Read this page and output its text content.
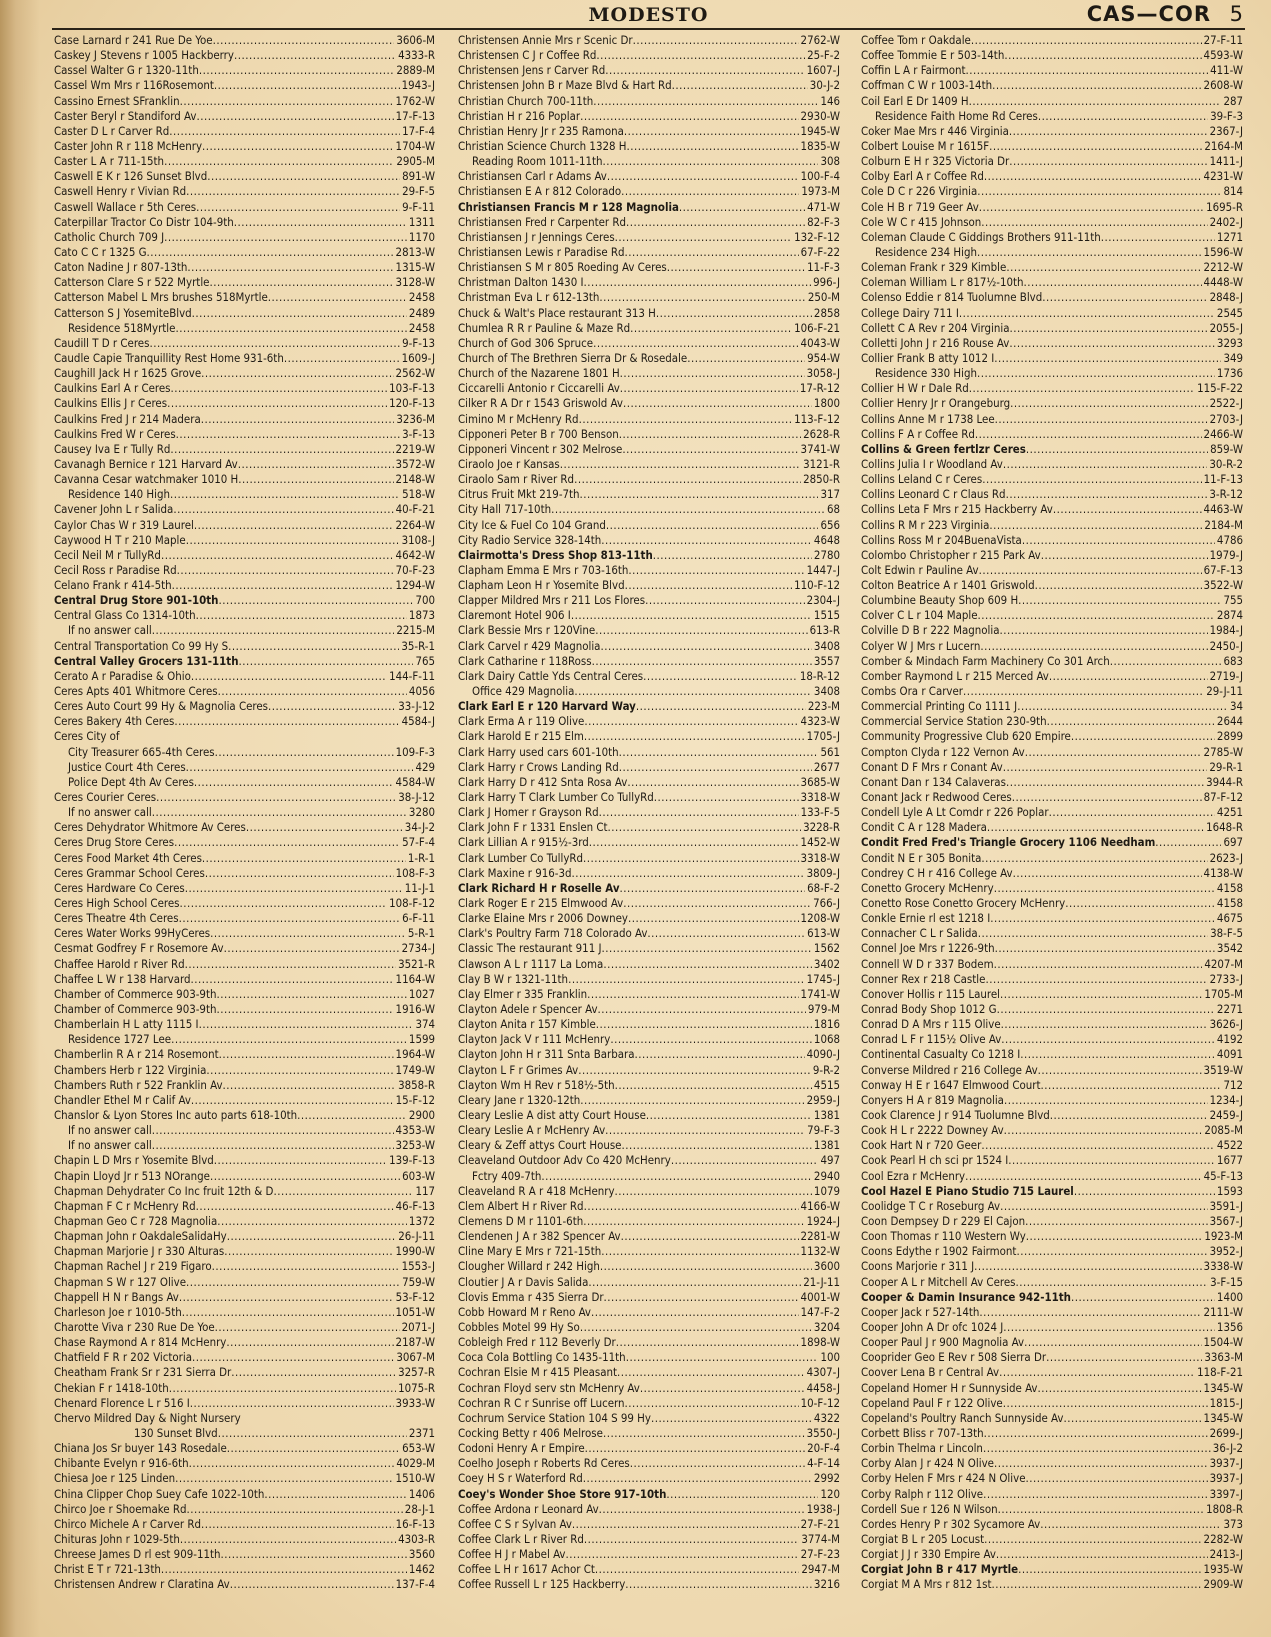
MODESTO	CAS—COR 5
Case Larnard r 241 Rue De Yoe .....	3606-M
Caskey J Stevens r 1005 Hackberry .....	4333-R
Cassel Walter G r 1320-11th .....	2889-M
Cassel Wm Mrs r 116Rosemont .....	1943-J
Cassino Ernest SFranklin .....	1762-W
Caster Beryl r Standiford Av .....	17-F-13
Caster D L r Carver Rd .....	17-F-4
Caster John R r 118 McHenry .....	1704-W
Caster L A r 711-15th .....	2905-M
Caswell E K r 126 Sunset Blvd .....	891-W
Caswell Henry r Vivian Rd .....	29-F-5
Caswell Wallace r 5th Ceres .....	9-F-11
Caterpillar Tractor Co Distr 104-9th .....	1311
Catholic Church 709 J .....	1170
Cato C C r 1325 G .....	2813-W
Caton Nadine J r 807-13th .....	1315-W
Catterson Clare S r 522 Myrtle .....	3128-W
Catterson Mabel L Mrs brushes 518Myrtle .....	2458
Catterson S J YosemiteBlvd .....	2489
Residence 518Myrtle .....	2458
Caudill T D r Ceres .....	9-F-13
Caudle Capie Tranquillity Rest Home 931-6th .....	1609-J
Caughill Jack H r 1625 Grove .....	2562-W
Caulkins Earl A r Ceres .....	103-F-13
Caulkins Ellis J r Ceres .....	120-F-13
Caulkins Fred J r 214 Madera .....	3236-M
Caulkins Fred W r Ceres .....	3-F-13
Causey Iva E r Tully Rd .....	2219-W
Cavanagh Bernice r 121 Harvard Av .....	3572-W
Cavanna Cesar watchmaker 1010 H .....	2148-W
Residence 140 High .....	518-W
Cavener John L r Salida .....	40-F-21
Caylor Chas W r 319 Laurel .....	2264-W
Caywood H T r 210 Maple .....	3108-J
Cecil Neil M r TullyRd .....	4642-W
Cecil Ross r Paradise Rd .....	70-F-23
Celano Frank r 414-5th .....	1294-W
Central Drug Store 901-10th .....	700
Central Glass Co 1314-10th .....	1873
If no answer call .....	2215-M
Central Transportation Co 99 Hy S .....	35-R-1
Central Valley Grocers 131-11th .....	765
Cerato A r Paradise & Ohio .....	144-F-11
Ceres Apts 401 Whitmore Ceres .....	4056
Ceres Auto Court 99 Hy & Magnolia Ceres .....	33-J-12
Ceres Bakery 4th Ceres .....	4584-J
Ceres City of
City Treasurer 665-4th Ceres .....	109-F-3
Justice Court 4th Ceres .....	429
Police Dept 4th Av Ceres .....	4584-W
Ceres Courier Ceres .....	38-J-12
If no answer call .....	3280
Ceres Dehydrator Whitmore Av Ceres .....	34-J-2
Ceres Drug Store Ceres .....	57-F-4
Ceres Food Market 4th Ceres .....	1-R-1
Ceres Grammar School Ceres .....	108-F-3
Ceres Hardware Co Ceres .....	11-J-1
Ceres High School Ceres .....	108-F-12
Ceres Theatre 4th Ceres .....	6-F-11
Ceres Water Works 99HyCeres .....	5-R-1
Cesmat Godfrey F r Rosemore Av .....	2734-J
Chaffee Harold r River Rd .....	3521-R
Chaffee L W r 138 Harvard .....	1164-W
Chamber of Commerce 903-9th .....	1027
Chamber of Commerce 903-9th .....	1916-W
Chamberlain H L atty 1115 I .....	374
Residence 1727 Lee .....	1599
Chamberlin R A r 214 Rosemont .....	1964-W
Chambers Herb r 122 Virginia .....	1749-W
Chambers Ruth r 522 Franklin Av .....	3858-R
Chandler Ethel M r Calif Av .....	15-F-12
Chanslor & Lyon Stores Inc auto parts 618-10th .....	2900
If no answer call .....	4353-W
If no answer call .....	3253-W
Chapin L D Mrs r Yosemite Blvd .....	139-F-13
Chapin Lloyd Jr r 513 NOrange .....	603-W
Chapman Dehydrater Co Inc fruit 12th & D .....	117
Chapman F C r McHenry Rd .....	46-F-13
Chapman Geo C r 728 Magnolia .....	1372
Chapman John r OakdaleSalidaHy .....	26-J-11
Chapman Marjorie J r 330 Alturas .....	1990-W
Chapman Rachel J r 219 Figaro .....	1553-J
Chapman S W r 127 Olive .....	759-W
Chappell H N r Bangs Av .....	53-F-12
Charleson Joe r 1010-5th .....	1051-W
Charotte Viva r 230 Rue De Yoe .....	2071-J
Chase Raymond A r 814 McHenry .....	2187-W
Chatfield F R r 202 Victoria .....	3067-M
Cheatham Frank Sr r 231 Sierra Dr .....	3257-R
Chekian F r 1418-10th .....	1075-R
Chenard Florence L r 516 I .....	3933-W
Chervo Mildred Day & Night Nursery
130 Sunset Blvd .....	2371
Chiana Jos Sr buyer 143 Rosedale .....	653-W
Chibante Evelyn r 916-6th .....	4029-M
Chiesa Joe r 125 Linden .....	1510-W
China Clipper Chop Suey Cafe 1022-10th .....	1406
Chirco Joe r Shoemake Rd .....	28-J-1
Chirco Michele A r Carver Rd .....	16-F-13
Chituras John r 1029-5th .....	4303-R
Chreese James D rl est 909-11th .....	3560
Christ E T r 721-13th .....	1462
Christensen Andrew r Claratina Av .....	137-F-4
Christensen Annie Mrs r Scenic Dr .....	2762-W
Christensen C J r Coffee Rd .....	25-F-2
Christensen Jens r Carver Rd .....	1607-J
Christensen John B r Maze Blvd & Hart Rd .....	30-J-2
Christian Church 700-11th .....	146
Christian H r 216 Poplar .....	2930-W
Christian Henry Jr r 235 Ramona .....	1945-W
Christian Science Church 1328 H .....	1835-W
Reading Room 1011-11th .....	308
Christiansen Carl r Adams Av .....	100-F-4
Christiansen E A r 812 Colorado .....	1973-M
Christiansen Francis M r 128 Magnolia .....	471-W
Christiansen Fred r Carpenter Rd .....	82-F-3
Christiansen J r Jennings Ceres .....	132-F-12
Christiansen Lewis r Paradise Rd .....	67-F-22
Christiansen S M r 805 Roeding Av Ceres .....	11-F-3
Christman Dalton 1430 I .....	996-J
Christman Eva L r 612-13th .....	250-M
Chuck & Walt's Place restaurant 313 H .....	2858
Chumlea R R r Pauline & Maze Rd .....	106-F-21
Church of God 306 Spruce .....	4043-W
Church of The Brethren Sierra Dr & Rosedale .....	954-W
Church of the Nazarene 1801 H .....	3058-J
Ciccarelli Antonio r Ciccarelli Av .....	17-R-12
Cilker R A Dr r 1543 Griswold Av .....	1800
Cimino M r McHenry Rd .....	113-F-12
Cipponeri Peter B r 700 Benson .....	2628-R
Cipponeri Vincent r 302 Melrose .....	3741-W
Ciraolo Joe r Kansas .....	3121-R
Ciraolo Sam r River Rd .....	2850-R
Citrus Fruit Mkt 219-7th .....	317
City Hall 717-10th .....	68
City Ice & Fuel Co 104 Grand .....	656
City Radio Service 328-14th .....	4648
Clairmotta's Dress Shop 813-11th .....	2780
Clapham Emma E Mrs r 703-16th .....	1447-J
Clapham Leon H r Yosemite Blvd .....	110-F-12
Clapper Mildred Mrs r 211 Los Flores .....	2304-J
Claremont Hotel 906 I .....	1515
Clark Bessie Mrs r 120Vine .....	613-R
Clark Carvel r 429 Magnolia .....	3408
Clark Catharine r 118Ross .....	3557
Clark Dairy Cattle Yds Central Ceres .....	18-R-12
Office 429 Magnolia .....	3408
Clark Earl E r 120 Harvard Way .....	223-M
Clark Erma A r 119 Olive .....	4323-W
Clark Harold E r 215 Elm .....	1705-J
Clark Harry used cars 601-10th .....	561
Clark Harry r Crows Landing Rd .....	2677
Clark Harry D r 412 Snta Rosa Av .....	3685-W
Clark Harry T Clark Lumber Co TullyRd .....	3318-W
Clark J Homer r Grayson Rd .....	133-F-5
Clark John F r 1331 Enslen Ct .....	3228-R
Clark Lillian A r 915½-3rd .....	1452-W
Clark Lumber Co TullyRd .....	3318-W
Clark Maxine r 916-3d .....	3809-J
Clark Richard H r Roselle Av .....	68-F-2
Clark Roger E r 215 Elmwood Av .....	766-J
Clarke Elaine Mrs r 2006 Downey .....	1208-W
Clark's Poultry Farm 718 Colorado Av .....	613-W
Classic The restaurant 911 J .....	1562
Clawson A L r 1117 La Loma .....	3402
Clay B W r 1321-11th .....	1745-J
Clay Elmer r 335 Franklin .....	1741-W
Clayton Adele r Spencer Av .....	979-M
Clayton Anita r 157 Kimble .....	1816
Clayton Jack V r 111 McHenry .....	1068
Clayton John H r 311 Snta Barbara .....	4090-J
Clayton L F r Grimes Av .....	9-R-2
Clayton Wm H Rev r 518½-5th .....	4515
Cleary Jane r 1320-12th .....	2959-J
Cleary Leslie A dist atty Court House .....	1381
Cleary Leslie A r McHenry Av .....	79-F-3
Cleary & Zeff attys Court House .....	1381
Cleaveland Outdoor Adv Co 420 McHenry .....	497
Fctry 409-7th .....	2940
Cleaveland R A r 418 McHenry .....	1079
Clem Albert H r River Rd .....	4166-W
Clemens D M r 1101-6th .....	1924-J
Clendenen J A r 382 Spencer Av .....	2281-W
Cline Mary E Mrs r 721-15th .....	1132-W
Clougher Willard r 242 High .....	3600
Cloutier J A r Davis Salida .....	21-J-11
Clovis Emma r 435 Sierra Dr .....	4001-W
Cobb Howard M r Reno Av .....	147-F-2
Cobbles Motel 99 Hy So .....	3204
Cobleigh Fred r 112 Beverly Dr .....	1898-W
Coca Cola Bottling Co 1435-11th .....	100
Cochran Elsie M r 415 Pleasant .....	4307-J
Cochran Floyd serv stn McHenry Av .....	4458-J
Cochran R C r Sunrise off Lucern .....	10-F-12
Cochrum Service Station 104 S 99 Hy .....	4322
Cocking Betty r 406 Melrose .....	3550-J
Codoni Henry A r Empire .....	20-F-4
Coelho Joseph r Roberts Rd Ceres .....	4-F-14
Coey H S r Waterford Rd .....	2992
Coey's Wonder Shoe Store 917-10th .....	120
Coffee Ardona r Leonard Av .....	1938-J
Coffee C S r Sylvan Av .....	27-F-21
Coffee Clark L r River Rd .....	3774-M
Coffee H J r Mabel Av .....	27-F-23
Coffee L H r 1617 Achor Ct .....	2947-M
Coffee Russell L r 125 Hackberry .....	3216
Coffee Tom r Oakdale .....	27-F-11
Coffee Tommie E r 503-14th .....	4593-W
Coffin L A r Fairmont .....	411-W
Coffman C W r 1003-14th .....	2608-W
Coil Earl E Dr 1409 H .....	287
Residence Faith Home Rd Ceres .....	39-F-3
Coker Mae Mrs r 446 Virginia .....	2367-J
Colbert Louise M r 1615F .....	2164-M
Colburn E H r 325 Victoria Dr .....	1411-J
Colby Earl A r Coffee Rd .....	4231-W
Cole D C r 226 Virginia .....	814
Cole H B r 719 Geer Av .....	1695-R
Cole W C r 415 Johnson .....	2402-J
Coleman Claude C Giddings Brothers 911-11th .....	1271
Residence 234 High .....	1596-W
Coleman Frank r 329 Kimble .....	2212-W
Coleman William L r 817½-10th .....	4448-W
Colenso Eddie r 814 Tuolumne Blvd .....	2848-J
College Dairy 711 I .....	2545
Collett C A Rev r 204 Virginia .....	2055-J
Colletti John J r 216 Rouse Av .....	3293
Collier Frank B atty 1012 I .....	349
Residence 330 High .....	1736
Collier H W r Dale Rd .....	115-F-22
Collier Henry Jr r Orangeburg .....	2522-J
Collins Anne M r 1738 Lee .....	2703-J
Collins F A r Coffee Rd .....	2466-W
Collins & Green fertlzr Ceres .....	859-W
Collins Julia I r Woodland Av .....	30-R-2
Collins Leland C r Ceres .....	11-F-13
Collins Leonard C r Claus Rd .....	3-R-12
Collins Leta F Mrs r 215 Hackberry Av .....	4463-W
Collins R M r 223 Virginia .....	2184-M
Collins Ross M r 204BuenaVista .....	4786
Colombo Christopher r 215 Park Av .....	1979-J
Colt Edwin r Pauline Av .....	67-F-13
Colton Beatrice A r 1401 Griswold .....	3522-W
Columbine Beauty Shop 609 H .....	755
Colver C L r 104 Maple .....	2874
Colville D B r 222 Magnolia .....	1984-J
Colyer W J Mrs r Lucern .....	2450-J
Comber & Mindach Farm Machinery Co 301 Arch .....	683
Comber Raymond L r 215 Merced Av .....	2719-J
Combs Ora r Carver .....	29-J-11
Commercial Printing Co 1111 J .....	34
Commercial Service Station 230-9th .....	2644
Community Progressive Club 620 Empire .....	2899
Compton Clyda r 122 Vernon Av .....	2785-W
Conant D F Mrs r Conant Av .....	29-R-1
Conant Dan r 134 Calaveras .....	3944-R
Conant Jack r Redwood Ceres .....	87-F-12
Condell Lyle A Lt Comdr r 226 Poplar .....	4251
Condit C A r 128 Madera .....	1648-R
Condit Fred Fred's Triangle Grocery 1106 Needham .....	697
Condit N E r 305 Bonita .....	2623-J
Condrey C H r 416 College Av .....	4138-W
Conetto Grocery McHenry .....	4158
Conetto Rose Conetto Grocery McHenry .....	4158
Conkle Ernie rl est 1218 I .....	4675
Connacher C L r Salida .....	38-F-5
Connel Joe Mrs r 1226-9th .....	3542
Connell W D r 337 Bodem .....	4207-M
Conner Rex r 218 Castle .....	2733-J
Conover Hollis r 115 Laurel .....	1705-M
Conrad Body Shop 1012 G .....	2271
Conrad D A Mrs r 115 Olive .....	3626-J
Conrad L F r 115½ Olive Av .....	4192
Continental Casualty Co 1218 I .....	4091
Converse Mildred r 216 College Av .....	3519-W
Conway H E r 1647 Elmwood Court .....	712
Conyers H A r 819 Magnolia .....	1234-J
Cook Clarence J r 914 Tuolumne Blvd .....	2459-J
Cook H L r 2222 Downey Av .....	2085-M
Cook Hart N r 720 Geer .....	4522
Cook Pearl H ch sci pr 1524 I .....	1677
Cool Ezra r McHenry .....	45-F-13
Cool Hazel E Piano Studio 715 Laurel .....	1593
Coolidge T C r Roseburg Av .....	3591-J
Coon Dempsey D r 229 El Cajon .....	3567-J
Coon Thomas r 110 Western Wy .....	1923-M
Coons Edythe r 1902 Fairmont .....	3952-J
Coons Marjorie r 311 J .....	3338-W
Cooper A L r Mitchell Av Ceres .....	3-F-15
Cooper & Damin Insurance 942-11th .....	1400
Cooper Jack r 527-14th .....	2111-W
Cooper John A Dr ofc 1024 J .....	1356
Cooper Paul J r 900 Magnolia Av .....	1504-W
Cooprider Geo E Rev r 508 Sierra Dr .....	3363-M
Coover Lena B r Central Av .....	118-F-21
Copeland Homer H r Sunnyside Av .....	1345-W
Copeland Paul F r 122 Olive .....	1815-J
Copeland's Poultry Ranch Sunnyside Av .....	1345-W
Corbett Bliss r 707-13th .....	2699-J
Corbin Thelma r Lincoln .....	36-J-2
Corby Alan J r 424 N Olive .....	3937-J
Corby Helen F Mrs r 424 N Olive .....	3937-J
Corby Ralph r 112 Olive .....	3397-J
Cordell Sue r 126 N Wilson .....	1808-R
Cordes Henry P r 302 Sycamore Av .....	373
Corgiat B L r 205 Locust .....	2282-W
Corgiat J J r 330 Empire Av .....	2413-J
Corgiat John B r 417 Myrtle .....	1935-W
Corgiat M A Mrs r 812 1st .....	2909-W
